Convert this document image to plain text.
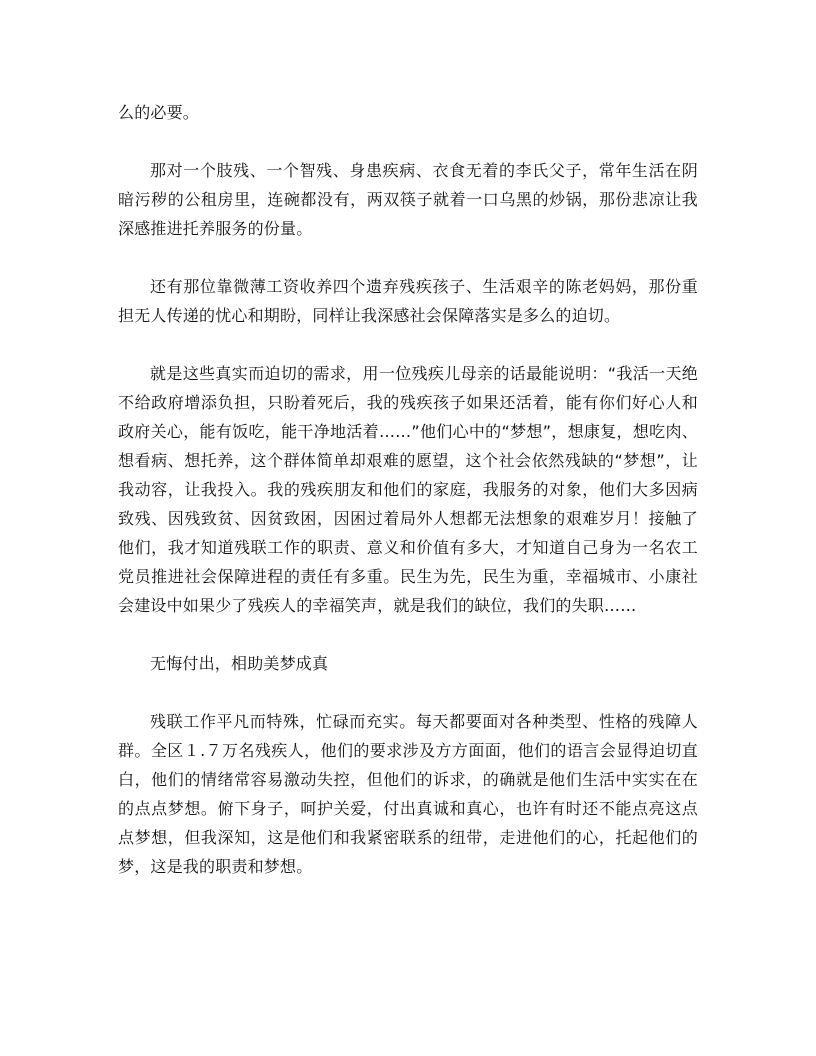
么的必要。

那对一个肢残、一个智残、身患疾病、衣食无着的李氏父子，常年生活在阴暗污秽的公租房里，连碗都没有，两双筷子就着一口乌黑的炒锅，那份悲凉让我深感推进托养服务的份量。

还有那位靠微薄工资收养四个遗弃残疾孩子、生活艰辛的陈老妈妈，那份重担无人传递的忧心和期盼，同样让我深感社会保障落实是多么的迫切。

就是这些真实而迫切的需求，用一位残疾儿母亲的话最能说明：“我活一天绝不给政府增添负担，只盼着死后，我的残疾孩子如果还活着，能有你们好心人和政府关心，能有饭吃，能干净地活着……”他们心中的“梦想”，想康复，想吃肉、想看病、想托养，这个群体简单却艰难的愿望，这个社会依然残缺的“梦想”，让我动容，让我投入。我的残疾朋友和他们的家庭，我服务的对象，他们大多因病致残、因残致贫、因贫致困，因困过着局外人想都无法想象的艰难岁月！接触了他们，我才知道残联工作的职责、意义和价值有多大，才知道自己身为一名农工党员推进社会保障进程的责任有多重。民生为先，民生为重，幸福城市、小康社会建设中如果少了残疾人的幸福笑声，就是我们的缺位，我们的失职……

无悔付出，相助美梦成真

残联工作平凡而特殊，忙碌而充实。每天都要面对各种类型、性格的残障人群。全区１.７万名残疾人，他们的要求涉及方方面面，他们的语言会显得迫切直白，他们的情绪常容易激动失控，但他们的诉求，的确就是他们生活中实实在在的点点梦想。俯下身子，呵护关爱，付出真诚和真心，也许有时还不能点亮这点点梦想，但我深知，这是他们和我紧密联系的纽带，走进他们的心，托起他们的梦，这是我的职责和梦想。
